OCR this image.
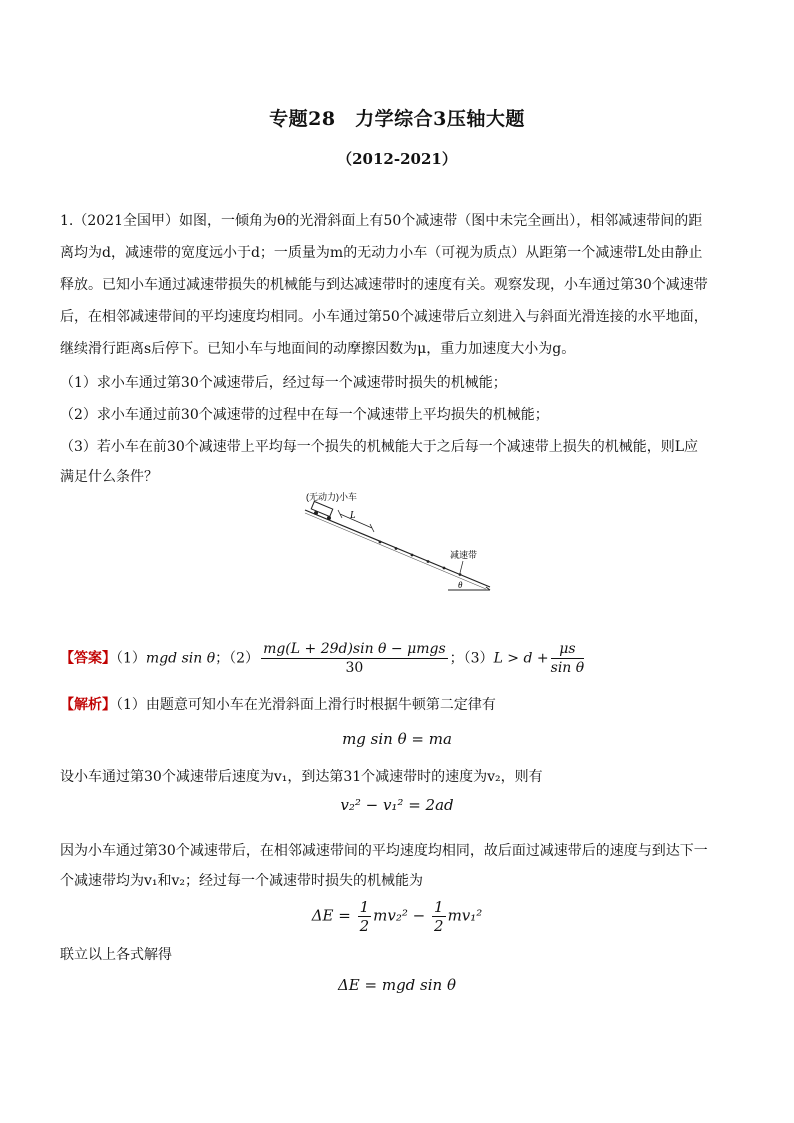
专题28　力学综合3压轴大题
（2012-2021）
1.（2021全国甲）如图，一倾角为θ的光滑斜面上有50个减速带（图中未完全画出），相邻减速带间的距
离均为d，减速带的宽度远小于d；一质量为m的无动力小车（可视为质点）从距第一个减速带L处由静止
释放。已知小车通过减速带损失的机械能与到达减速带时的速度有关。观察发现，小车通过第30个减速带
后，在相邻减速带间的平均速度均相同。小车通过第50个减速带后立刻进入与斜面光滑连接的水平地面，
继续滑行距离s后停下。已知小车与地面间的动摩擦因数为μ，重力加速度大小为g。
（1）求小车通过第30个减速带后，经过每一个减速带时损失的机械能；
（2）求小车通过前30个减速带的过程中在每一个减速带上平均损失的机械能；
（3）若小车在前30个减速带上平均每一个损失的机械能大于之后每一个减速带上损失的机械能，则L应
满足什么条件？
L
减速带
θ
(无动力)小车
【答案】（1）mgd sin θ；$(2) \frac{\text{mg(L + 29d)sin θ − μmgs}}{30}$ ；$(3)L > d + \frac{\mu s}{\text{sin θ}}$
【解析】（1）由题意可知小车在光滑斜面上滑行时根据牛顿第二定律有
mg sin θ = ma
设小车通过第30个减速带后速度为v₁，到达第31个减速带时的速度为v₂，则有
v₂² − v₁² = 2ad
因为小车通过第30个减速带后，在相邻减速带间的平均速度均相同，故后面过减速带后的速度与到达下一
个减速带均为v₁和v₂；经过每一个减速带时损失的机械能为
$\Delta E = \frac{1}{2} mv_2^2 - \frac{1}{2} mv_1^2$
联立以上各式解得
ΔE = mgd sin θ
